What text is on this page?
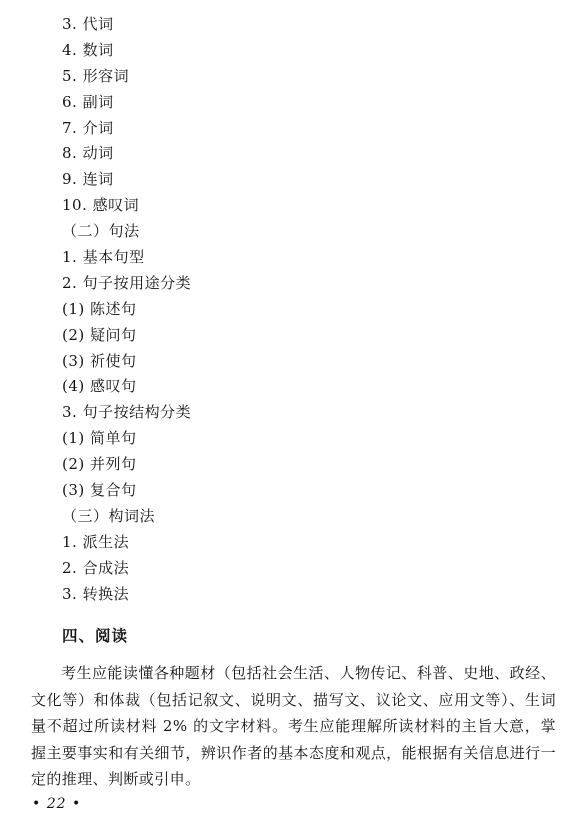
3. 代词
4. 数词
5. 形容词
6. 副词
7. 介词
8. 动词
9. 连词
10. 感叹词
（二）句法
1. 基本句型
2. 句子按用途分类
(1) 陈述句
(2) 疑问句
(3) 祈使句
(4) 感叹句
3. 句子按结构分类
(1) 简单句
(2) 并列句
(3) 复合句
（三）构词法
1. 派生法
2. 合成法
3. 转换法
四、阅读
考生应能读懂各种题材（包括社会生活、人物传记、科普、史地、政经、文化等）和体裁（包括记叙文、说明文、描写文、议论文、应用文等）、生词量不超过所读材料 2% 的文字材料。考生应能理解所读材料的主旨大意，掌握主要事实和有关细节，辨识作者的基本态度和观点，能根据有关信息进行一定的推理、判断或引申。
• 22 •
